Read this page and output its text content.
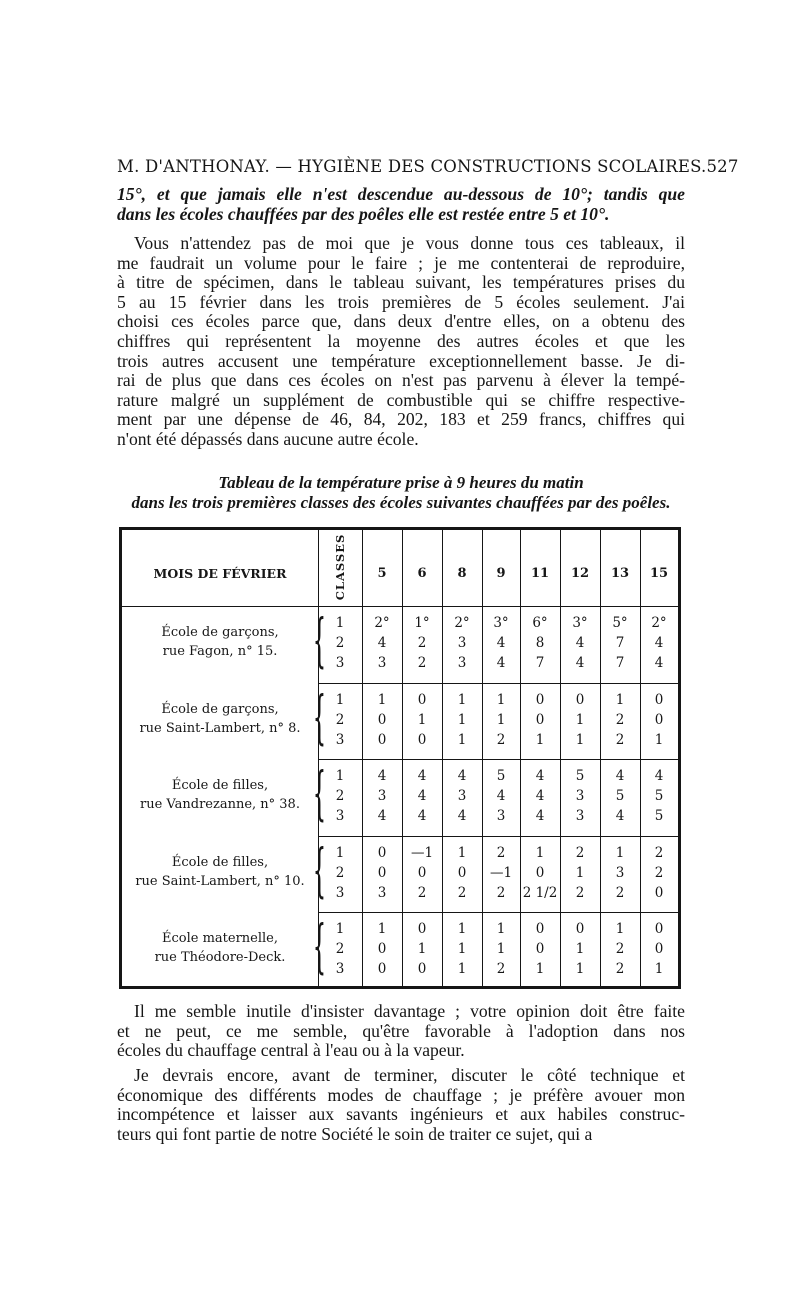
M. D'ANTHONAY. — HYGIÈNE DES CONSTRUCTIONS SCOLAIRES. 527
15°, et que jamais elle n'est descendue au-dessous de 10°; tandis que
dans les écoles chauffées par des poêles elle est restée entre 5 et 10°.
Vous n'attendez pas de moi que je vous donne tous ces tableaux, il
me faudrait un volume pour le faire ; je me contenterai de reproduire,
à titre de spécimen, dans le tableau suivant, les températures prises du
5 au 15 février dans les trois premières de 5 écoles seulement. J'ai
choisi ces écoles parce que, dans deux d'entre elles, on a obtenu des
chiffres qui représentent la moyenne des autres écoles et que les
trois autres accusent une température exceptionnellement basse. Je di-
rai de plus que dans ces écoles on n'est pas parvenu à élever la tempé-
rature malgré un supplément de combustible qui se chiffre respective-
ment par une dépense de 46, 84, 202, 183 et 259 francs, chiffres qui
n'ont été dépassés dans aucune autre école.
Tableau de la température prise à 9 heures du matin
dans les trois premières classes des écoles suivantes chauffées par des poêles.
MOIS DE FÉVRIER	CLASSES	5	6	8	9	11	12	13	15
École de garçons,
rue Fagon, n° 15. { 1	2°	1°	2°	3°	6°	3°	5°	2°
2	4	2	3	4	8	4	7	4
3	3	2	3	4	7	4	7	4
École de garçons,
rue Saint-Lambert, n° 8. { 1	1	0	1	1	0	0	1	0
2	0	1	1	1	0	1	2	0
3	0	0	1	2	1	1	2	1
École de filles,
rue Vandrezanne, n° 38. { 1	4	4	4	5	4	5	4	4
2	3	4	3	4	4	3	5	5
3	4	4	4	3	4	3	4	5
École de filles,
rue Saint-Lambert, n° 10. { 1	0	—1	1	2	1	2	1	2
2	0	0	0	—1	0	1	3	2
3	3	2	2	2	2 1/2	2	2	0
École maternelle,
rue Théodore-Deck. { 1	1	0	1	1	0	0	1	0
2	0	1	1	1	0	1	2	0
3	0	0	1	2	1	1	2	1
Il me semble inutile d'insister davantage ; votre opinion doit être faite
et ne peut, ce me semble, qu'être favorable à l'adoption dans nos
écoles du chauffage central à l'eau ou à la vapeur.
Je devrais encore, avant de terminer, discuter le côté technique et
économique des différents modes de chauffage ; je préfère avouer mon
incompétence et laisser aux savants ingénieurs et aux habiles construc-
teurs qui font partie de notre Société le soin de traiter ce sujet, qui a
